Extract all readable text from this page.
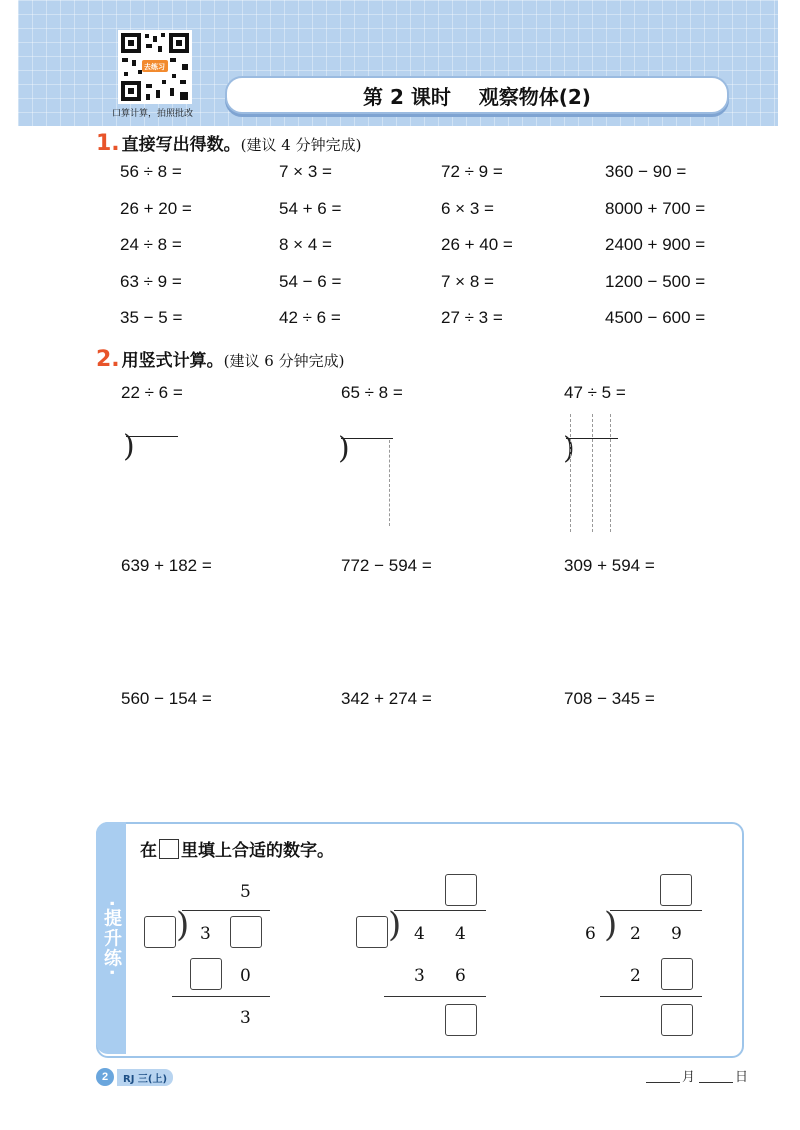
去练习
口算计算，拍照批改
第 2 课时
观察物体(2)
1. 直接写出得数。(建议 4 分钟完成)
56 ÷ 8 =	7 × 3 =	72 ÷ 9 =	360 − 90 =
26 + 20 =	54 + 6 =	6 × 3 =	8000 + 700 =
24 ÷ 8 =	8 × 4 =	26 + 40 =	2400 + 900 =
63 ÷ 9 =	54 − 6 =	7 × 8 =	1200 − 500 =
35 − 5 =	42 ÷ 6 =	27 ÷ 3 =	4500 − 600 =
2. 用竖式计算。(建议 6 分钟完成)
22 ÷ 6 =	65 ÷ 8 =	47 ÷ 5 =
)	)	)
639 + 182 =	772 − 594 =	309 + 594 =
560 − 154 =	342 + 274 =	708 − 345 =
·提升练·
在 里填上合适的数字。
5
) 3
0
3
) 4 4
3 6
6 ) 2 9
2
2	RJ 三(上)	月	日
